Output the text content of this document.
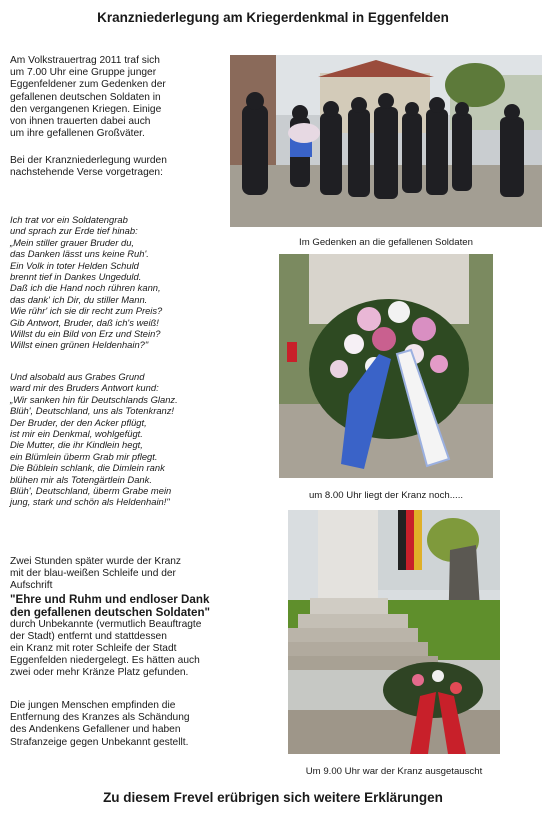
Kranzniederlegung am Kriegerdenkmal in Eggenfelden
Am Volkstrauertrag 2011 traf sich
um 7.00 Uhr eine Gruppe junger
Eggenfeldener zum Gedenken der
gefallenen deutschen Soldaten in
den vergangenen Kriegen. Einige
von ihnen trauerten dabei auch
um ihre gefallenen Großväter.
Bei der Kranzniederlegung wurden
nachstehende Verse vorgetragen:
Ich trat vor ein Soldatengrab
und sprach zur Erde tief hinab:
„Mein stiller grauer Bruder du,
das Danken lässt uns keine Ruh'.
Ein Volk in toter Helden Schuld
brennt tief in Dankes Ungeduld.
Daß ich die Hand noch rühren kann,
das dank' ich Dir, du stiller Mann.
Wie rühr' ich sie dir recht zum Preis?
Gib Antwort, Bruder, daß ich's weiß!
Willst du ein Bild von Erz und Stein?
Willst einen grünen Heldenhain?"
Und alsobald aus Grabes Grund
ward mir des Bruders Antwort kund:
„Wir sanken hin für Deutschlands Glanz.
Blüh', Deutschland, uns als Totenkranz!
Der Bruder, der den Acker pflügt,
ist mir ein Denkmal, wohlgefügt.
Die Mutter, die ihr Kindlein hegt,
ein Blümlein überm Grab mir pflegt.
Die Büblein schlank, die Dimlein rank
blühen mir als Totengärtlein Dank.
Blüh', Deutschland, überm Grabe mein
jung, stark und schön als Heldenhain!"
Zwei Stunden später wurde der Kranz
mit der blau-weißen Schleife und der
Aufschrift
"Ehre und Ruhm und endloser Dank
den gefallenen deutschen Soldaten"
durch Unbekannte (vermutlich Beauftragte
der Stadt) entfernt und stattdessen
ein Kranz mit roter Schleife der Stadt
Eggenfelden niedergelegt. Es hätten auch
zwei oder mehr Kränze Platz gefunden.
Die jungen Menschen empfinden die
Entfernung des Kranzes als Schändung
des Andenkens Gefallener und haben
Strafanzeige gegen Unbekannt gestellt.
Im Gedenken an die gefallenen Soldaten
um 8.00 Uhr liegt der Kranz noch.....
Um 9.00 Uhr war der Kranz ausgetauscht
Zu diesem Frevel erübrigen sich weitere Erklärungen
